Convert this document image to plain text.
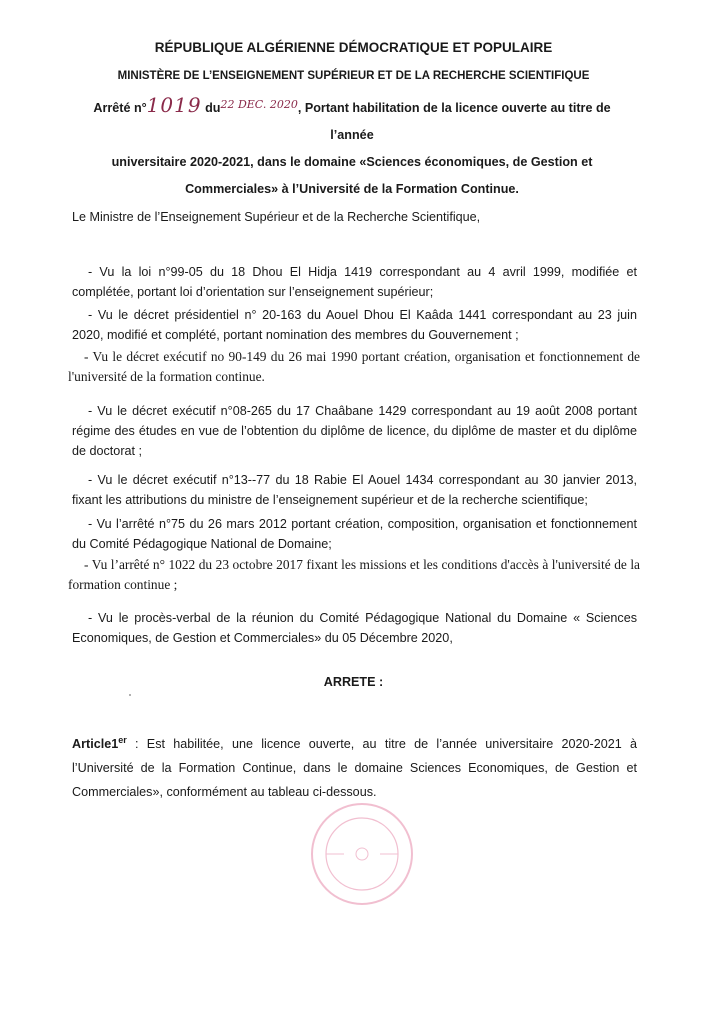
RÉPUBLIQUE ALGÉRIENNE DÉMOCRATIQUE ET POPULAIRE
MINISTÈRE DE L’ENSEIGNEMENT SUPÉRIEUR ET DE LA RECHERCHE SCIENTIFIQUE
Arrêté n°1019 du22 DEC. 2020, Portant habilitation de la licence ouverte au titre de l’année
universitaire 2020-2021, dans le domaine «Sciences économiques, de Gestion et
Commerciales» à l’Université de la Formation Continue.
Le Ministre de l’Enseignement Supérieur et de la Recherche Scientifique,
- Vu la loi n°99-05 du 18 Dhou El Hidja 1419 correspondant au 4 avril 1999, modifiée et complétée, portant loi d’orientation sur l’enseignement supérieur;
- Vu le décret présidentiel n° 20-163 du Aouel Dhou El Kaâda 1441 correspondant au 23 juin 2020, modifié et complété, portant nomination des membres du Gouvernement ;
- Vu le décret exécutif no 90-149 du 26 mai 1990 portant création, organisation et fonctionnement de l'université de la formation continue.
- Vu le décret exécutif n°08-265 du 17 Chaâbane 1429 correspondant au 19 août 2008 portant régime des études en vue de l’obtention du diplôme de licence, du diplôme de master et du diplôme de doctorat ;
- Vu le décret exécutif n°13--77 du 18 Rabie El Aouel 1434 correspondant au 30 janvier 2013, fixant les attributions du ministre de l’enseignement supérieur et de la recherche scientifique;
- Vu l’arrêté n°75 du 26 mars 2012 portant création, composition, organisation et fonctionnement du Comité Pédagogique National de Domaine;
- Vu l’arrêté n° 1022 du 23 octobre 2017 fixant les missions et les conditions d'accès à l'université de la formation continue ;
- Vu le procès-verbal de la réunion du Comité Pédagogique National du Domaine « Sciences Economiques, de Gestion et Commerciales» du 05 Décembre 2020,
ARRETE :
Article1er : Est habilitée, une licence ouverte, au titre de l’année universitaire 2020-2021 à l’Université de la Formation Continue, dans le domaine Sciences Economiques, de Gestion et Commerciales», conformément au tableau ci-dessous.
